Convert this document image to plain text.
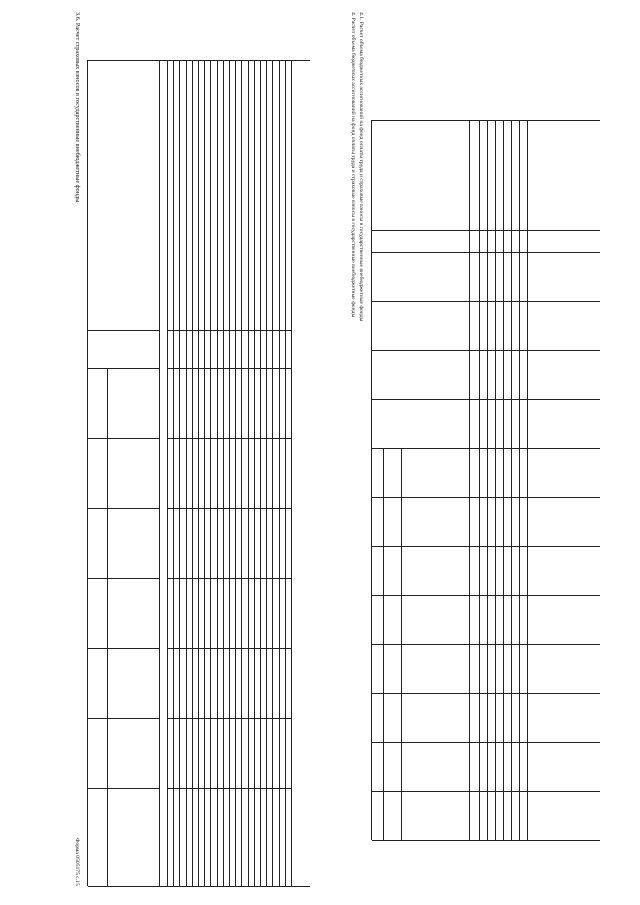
3.6. Расчет страховых взносов в государственные внебюджетные фонды
Форма 0505175 с.15
4. Расчет объема бюджетных ассигнований на фонд оплаты труда и страховые взносы в государственные внебюджетные фонды 4.1. Расчет объема бюджетных ассигнований на фонд оплаты труда и страховые взносы в государственные внебюджетные фонды
